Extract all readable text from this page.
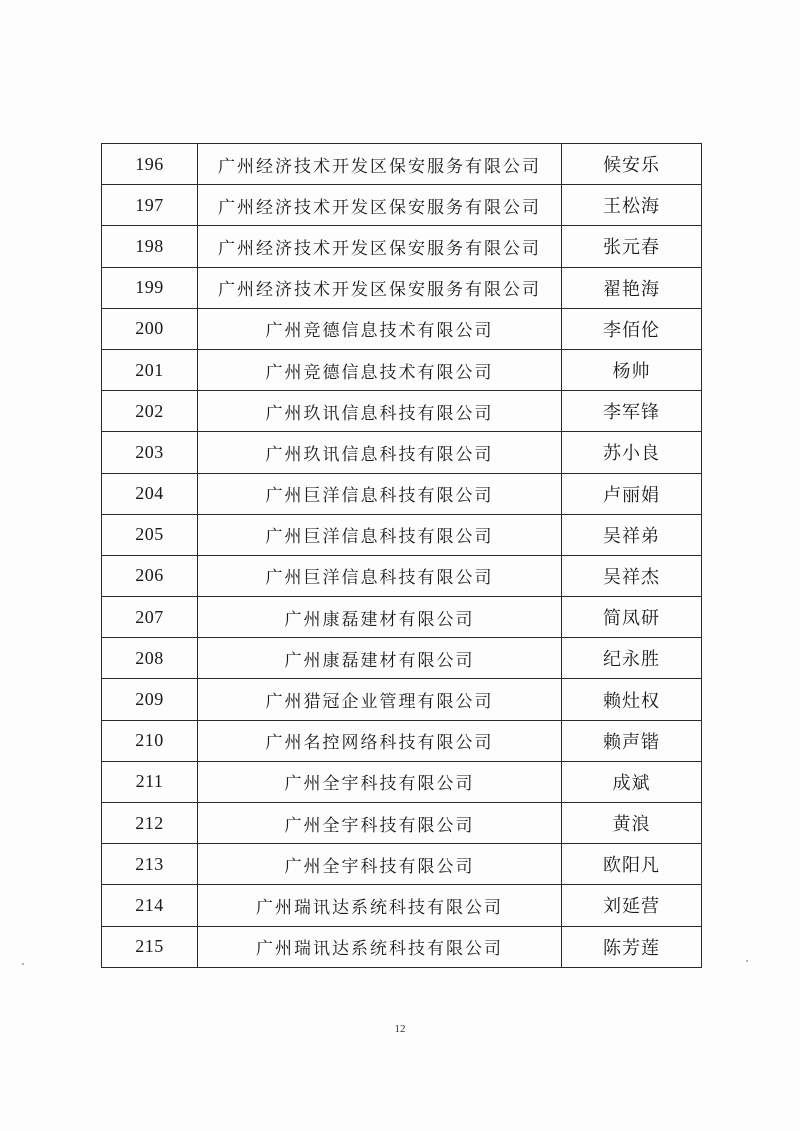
196	广州经济技术开发区保安服务有限公司	候安乐
197	广州经济技术开发区保安服务有限公司	王松海
198	广州经济技术开发区保安服务有限公司	张元春
199	广州经济技术开发区保安服务有限公司	翟艳海
200	广州竞德信息技术有限公司	李佰伦
201	广州竞德信息技术有限公司	杨帅
202	广州玖讯信息科技有限公司	李军锋
203	广州玖讯信息科技有限公司	苏小良
204	广州巨洋信息科技有限公司	卢丽娟
205	广州巨洋信息科技有限公司	吴祥弟
206	广州巨洋信息科技有限公司	吴祥杰
207	广州康磊建材有限公司	简凤研
208	广州康磊建材有限公司	纪永胜
209	广州猎冠企业管理有限公司	赖灶权
210	广州名控网络科技有限公司	赖声锴
211	广州全宇科技有限公司	成斌
212	广州全宇科技有限公司	黄浪
213	广州全宇科技有限公司	欧阳凡
214	广州瑞讯达系统科技有限公司	刘延营
215	广州瑞讯达系统科技有限公司	陈芳莲
12
